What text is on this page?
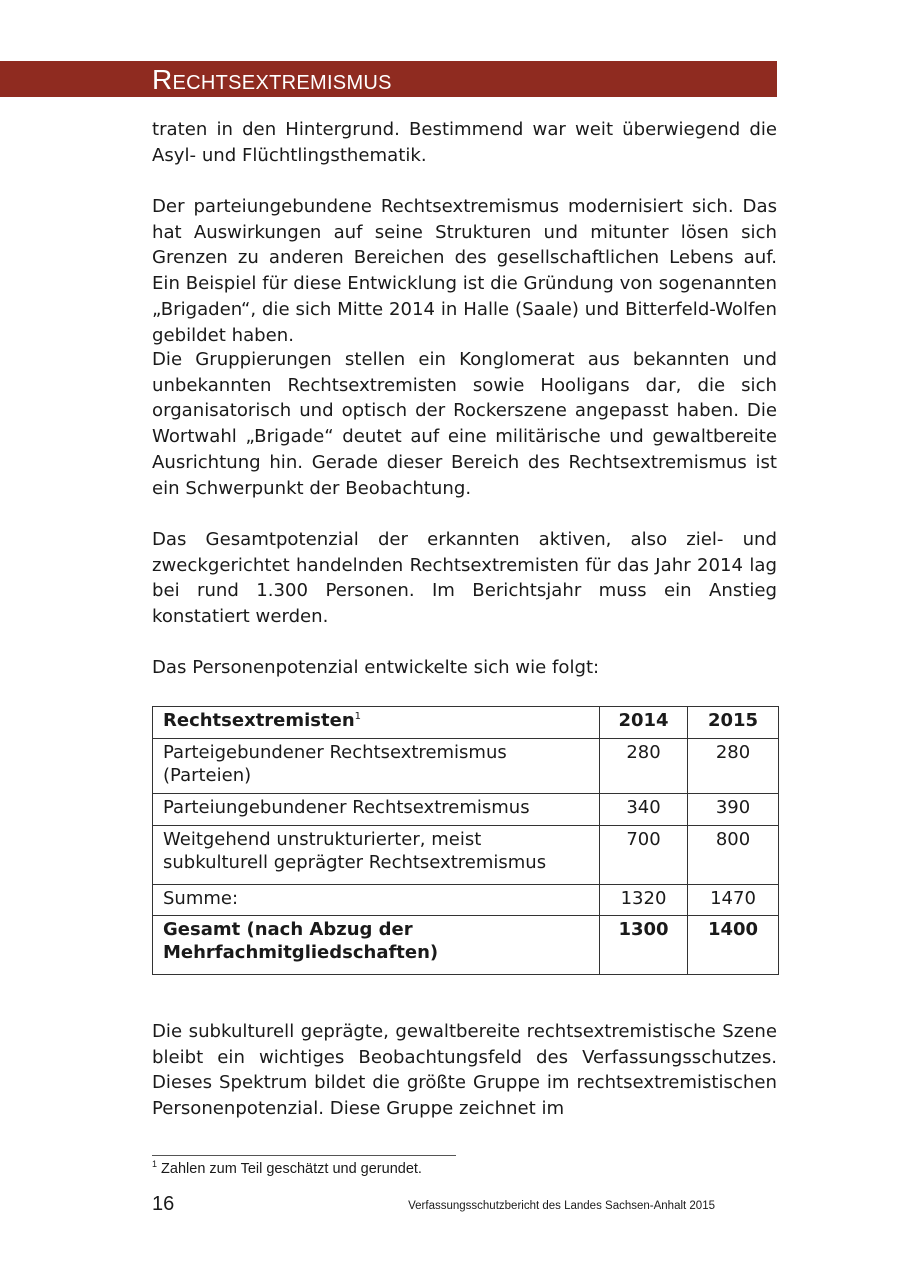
Rechtsextremismus

traten in den Hintergrund. Bestimmend war weit überwiegend die Asyl- und Flüchtlingsthematik.

Der parteiungebundene Rechtsextremismus modernisiert sich. Das hat Auswirkungen auf seine Strukturen und mitunter lösen sich Grenzen zu anderen Bereichen des gesellschaftlichen Lebens auf. Ein Beispiel für diese Entwicklung ist die Gründung von sogenannten „Brigaden“, die sich Mitte 2014 in Halle (Saale) und Bitterfeld-Wolfen gebildet haben.

Die Gruppierungen stellen ein Konglomerat aus bekannten und unbekannten Rechtsextremisten sowie Hooligans dar, die sich organisatorisch und optisch der Rockerszene angepasst haben. Die Wortwahl „Brigade“ deutet auf eine militärische und gewaltbereite Ausrichtung hin. Gerade dieser Bereich des Rechtsextremismus ist ein Schwerpunkt der Beobachtung.

Das Gesamtpotenzial der erkannten aktiven, also ziel- und zweckgerichtet handelnden Rechtsextremisten für das Jahr 2014 lag bei rund 1.300 Personen. Im Berichtsjahr muss ein Anstieg konstatiert werden.

Das Personenpotenzial entwickelte sich wie folgt:

Rechtsextremisten$^1$	2014	2015
Parteigebundener Rechtsextremismus (Parteien)	280	280
Parteiungebundener Rechtsextremismus	340	390
Weitgehend unstrukturierter, meist subkulturell geprägter Rechtsextremismus	700	800
Summe:	1320	1470
Gesamt (nach Abzug der Mehrfachmitgliedschaften)	1300	1400

Die subkulturell geprägte, gewaltbereite rechtsextremistische Szene bleibt ein wichtiges Beobachtungsfeld des Verfassungsschutzes. Dieses Spektrum bildet die größte Gruppe im rechtsextremistischen Personenpotenzial. Diese Gruppe zeichnet im

$^1$ Zahlen zum Teil geschätzt und gerundet.
16	Verfassungsschutzbericht des Landes Sachsen-Anhalt 2015
